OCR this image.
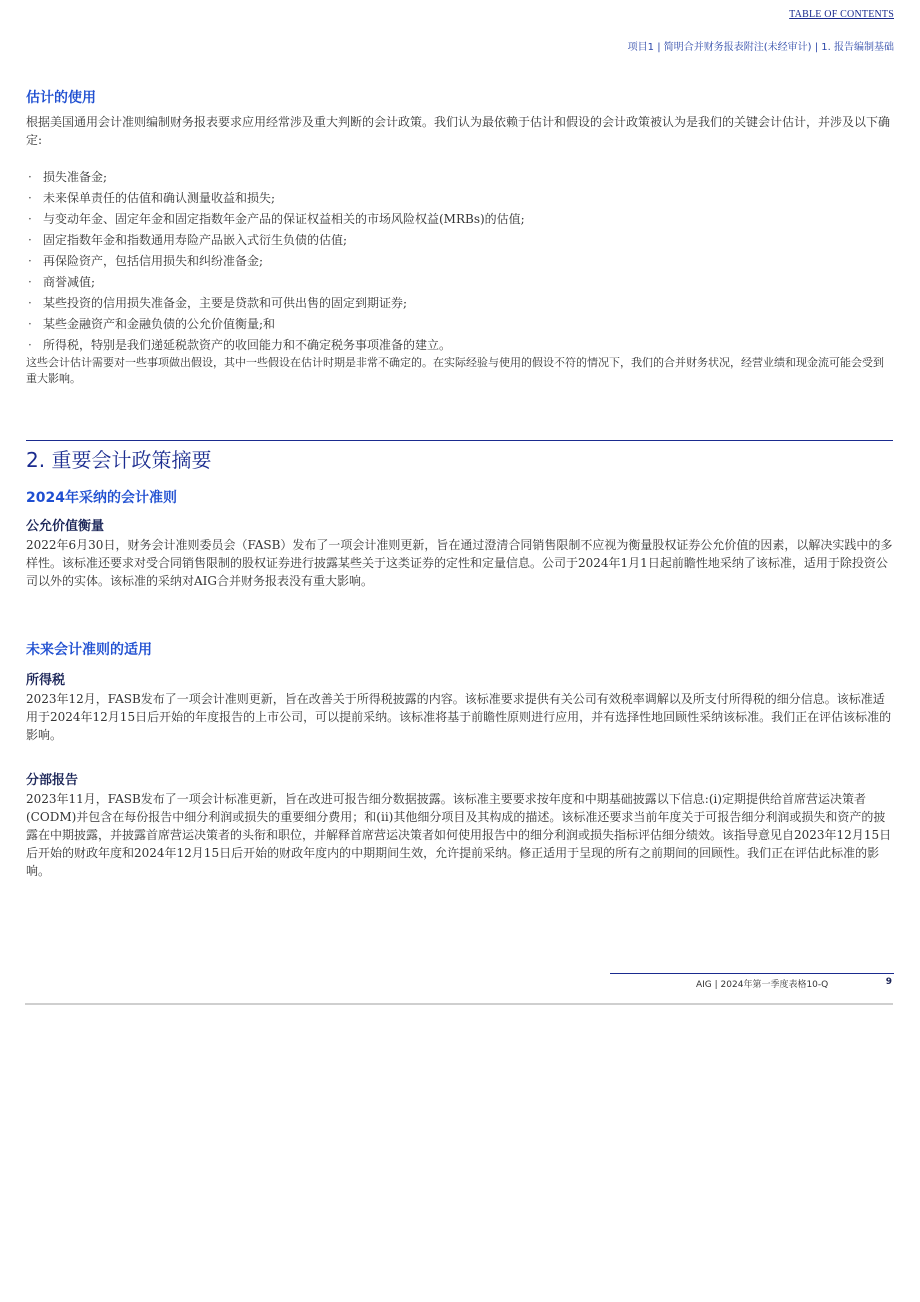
TABLE OF CONTENTS
项目1 | 简明合并财务报表附注(未经审计) | 1. 报告编制基础
估计的使用

根据美国通用会计准则编制财务报表要求应用经常涉及重大判断的会计政策。我们认为最依赖于估计和假设的会计政策被认为是我们的关键会计估计，并涉及以下确定:

· 损失准备金;
· 未来保单责任的估值和确认测量收益和损失;
· 与变动年金、固定年金和固定指数年金产品的保证权益相关的市场风险权益(MRBs)的估值;
· 固定指数年金和指数通用寿险产品嵌入式衍生负债的估值;
· 再保险资产，包括信用损失和纠纷准备金;
· 商誉减值;
· 某些投资的信用损失准备金，主要是贷款和可供出售的固定到期证券;
· 某些金融资产和金融负债的公允价值衡量;和
· 所得税，特别是我们递延税款资产的收回能力和不确定税务事项准备的建立。

这些会计估计需要对一些事项做出假设，其中一些假设在估计时期是非常不确定的。在实际经验与使用的假设不符的情况下，我们的合并财务状况，经营业绩和现金流可能会受到重大影响。

2. 重要会计政策摘要
2024年采纳的会计准则
公允价值衡量

2022年6月30日，财务会计准则委员会（FASB）发布了一项会计准则更新，旨在通过澄清合同销售限制不应视为衡量股权证券公允价值的因素，以解决实践中的多样性。该标准还要求对受合同销售限制的股权证券进行披露某些关于这类证券的定性和定量信息。公司于2024年1月1日起前瞻性地采纳了该标准，适用于除投资公司以外的实体。该标准的采纳对AIG合并财务报表没有重大影响。

未来会计准则的适用
所得税

2023年12月，FASB发布了一项会计准则更新，旨在改善关于所得税披露的内容。该标准要求提供有关公司有效税率调解以及所支付所得税的细分信息。该标准适用于2024年12月15日后开始的年度报告的上市公司，可以提前采纳。该标准将基于前瞻性原则进行应用，并有选择性地回顾性采纳该标准。我们正在评估该标准的影响。

分部报告

2023年11月，FASB发布了一项会计标准更新，旨在改进可报告细分数据披露。该标准主要要求按年度和中期基础披露以下信息:(i)定期提供给首席营运决策者(CODM)并包含在每份报告中细分利润或损失的重要细分费用；和(ii)其他细分项目及其构成的描述。该标准还要求当前年度关于可报告细分利润或损失和资产的披露在中期披露，并披露首席营运决策者的头衔和职位，并解释首席营运决策者如何使用报告中的细分利润或损失指标评估细分绩效。该指导意见自2023年12月15日后开始的财政年度和2024年12月15日后开始的财政年度内的中期期间生效，允许提前采纳。修正适用于呈现的所有之前期间的回顾性。我们正在评估此标准的影响。

AIG | 2024年第一季度表格10-Q	9
